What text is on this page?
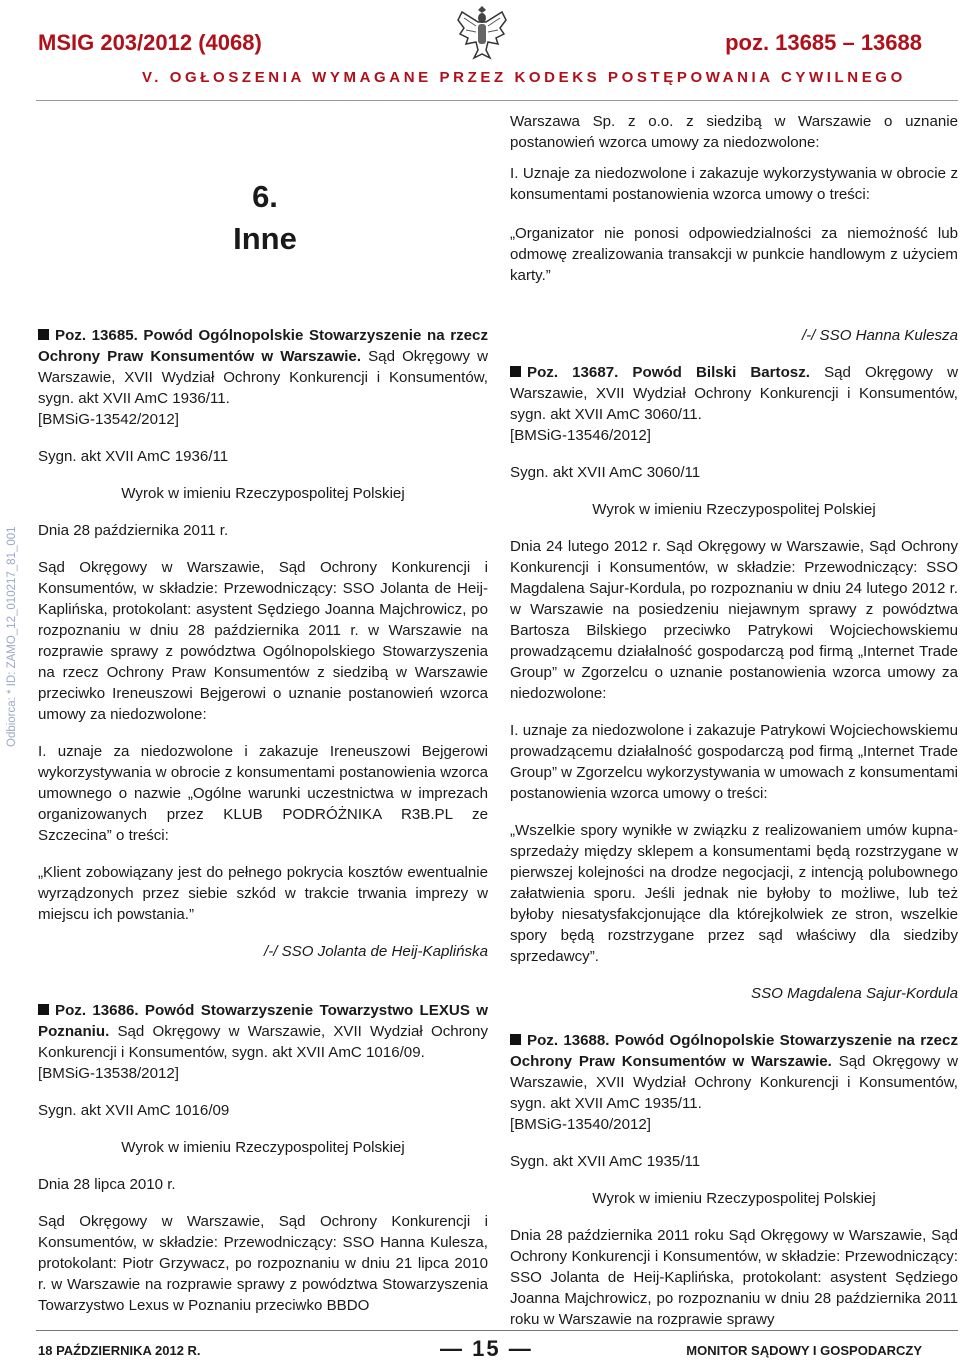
MSIG 203/2012 (4068)	poz. 13685 – 13688
V. OGŁOSZENIA WYMAGANE PRZEZ KODEKS POSTĘPOWANIA CYWILNEGO
6.
Inne

Warszawa Sp. z o.o. z siedzibą w Warszawie o uznanie postanowień wzorca umowy za niedozwolone:

I. Uznaje za niedozwolone i zakazuje wykorzystywania w obrocie z konsumentami postanowienia wzorca umowy o treści:

„Organizator nie ponosi odpowiedzialności za niemożność lub odmowę zrealizowania transakcji w punkcie handlowym z użyciem karty.”

Odbiorca: * ID: ZAMO_12_010217_81_001

Poz. 13685. Powód Ogólnopolskie Stowarzyszenie na rzecz Ochrony Praw Konsumentów w Warszawie. Sąd Okręgowy w Warszawie, XVII Wydział Ochrony Konkurencji i Konsumentów, sygn. akt XVII AmC 1936/11.

[BMSiG-13542/2012]

Sygn. akt XVII AmC 1936/11

Wyrok w imieniu Rzeczypospolitej Polskiej

Dnia 28 października 2011 r.

Sąd Okręgowy w Warszawie, Sąd Ochrony Konkurencji i Konsumentów, w składzie: Przewodniczący: SSO Jolanta de Heij-Kaplińska, protokolant: asystent Sędziego Joanna Majchrowicz, po rozpoznaniu w dniu 28 października 2011 r. w Warszawie na rozprawie sprawy z powództwa Ogólnopolskiego Stowarzyszenia na rzecz Ochrony Praw Konsumentów z siedzibą w Warszawie przeciwko Ireneuszowi Bejgerowi o uznanie postanowień wzorca umowy za niedozwolone:

I. uznaje za niedozwolone i zakazuje Ireneuszowi Bejgerowi wykorzystywania w obrocie z konsumentami postanowienia wzorca umownego o nazwie „Ogólne warunki uczestnictwa w imprezach organizowanych przez KLUB PODRÓŻNIKA R3B.PL ze Szczecina” o treści:

„Klient zobowiązany jest do pełnego pokrycia kosztów ewentualnie wyrządzonych przez siebie szkód w trakcie trwania imprezy w miejscu ich powstania.”

/-/ SSO Jolanta de Heij-Kaplińska

Poz. 13686. Powód Stowarzyszenie Towarzystwo LEXUS w Poznaniu. Sąd Okręgowy w Warszawie, XVII Wydział Ochrony Konkurencji i Konsumentów, sygn. akt XVII AmC 1016/09.

[BMSiG-13538/2012]

Sygn. akt XVII AmC 1016/09

Wyrok w imieniu Rzeczypospolitej Polskiej

Dnia 28 lipca 2010 r.

Sąd Okręgowy w Warszawie, Sąd Ochrony Konkurencji i Konsumentów, w składzie: Przewodniczący: SSO Hanna Kulesza, protokolant: Piotr Grzywacz, po rozpoznaniu w dniu 21 lipca 2010 r. w Warszawie na rozprawie sprawy z powództwa Stowarzyszenia Towarzystwo Lexus w Poznaniu przeciwko BBDO

/-/ SSO Hanna Kulesza

Poz. 13687. Powód Bilski Bartosz. Sąd Okręgowy w Warszawie, XVII Wydział Ochrony Konkurencji i Konsumentów, sygn. akt XVII AmC 3060/11.

[BMSiG-13546/2012]

Sygn. akt XVII AmC 3060/11

Wyrok w imieniu Rzeczypospolitej Polskiej

Dnia 24 lutego 2012 r. Sąd Okręgowy w Warszawie, Sąd Ochrony Konkurencji i Konsumentów, w składzie: Przewodniczący: SSO Magdalena Sajur-Kordula, po rozpoznaniu w dniu 24 lutego 2012 r. w Warszawie na posiedzeniu niejawnym sprawy z powództwa Bartosza Bilskiego przeciwko Patrykowi Wojciechowskiemu prowadzącemu działalność gospodarczą pod firmą „Internet Trade Group” w Zgorzelcu o uznanie postanowienia wzorca umowy za niedozwolone:

I. uznaje za niedozwolone i zakazuje Patrykowi Wojciechowskiemu prowadzącemu działalność gospodarczą pod firmą „Internet Trade Group” w Zgorzelcu wykorzystywania w umowach z konsumentami postanowienia wzorca umowy o treści:

„Wszelkie spory wynikłe w związku z realizowaniem umów kupna-sprzedaży między sklepem a konsumentami będą rozstrzygane w pierwszej kolejności na drodze negocjacji, z intencją polubownego załatwienia sporu. Jeśli jednak nie byłoby to możliwe, lub też byłoby niesatysfakcjonujące dla którejkolwiek ze stron, wszelkie spory będą rozstrzygane przez sąd właściwy dla siedziby sprzedawcy”.

SSO Magdalena Sajur-Kordula

Poz. 13688. Powód Ogólnopolskie Stowarzyszenie na rzecz Ochrony Praw Konsumentów w Warszawie. Sąd Okręgowy w Warszawie, XVII Wydział Ochrony Konkurencji i Konsumentów, sygn. akt XVII AmC 1935/11.

[BMSiG-13540/2012]

Sygn. akt XVII AmC 1935/11

Wyrok w imieniu Rzeczypospolitej Polskiej

Dnia 28 października 2011 roku Sąd Okręgowy w Warszawie, Sąd Ochrony Konkurencji i Konsumentów, w składzie: Przewodniczący: SSO Jolanta de Heij-Kaplińska, protokolant: asystent Sędziego Joanna Majchrowicz, po rozpoznaniu w dniu 28 października 2011 roku w Warszawie na rozprawie sprawy

18 PAŹDZIERNIKA 2012 R.	— 15 —	MONITOR SĄDOWY I GOSPODARCZY
